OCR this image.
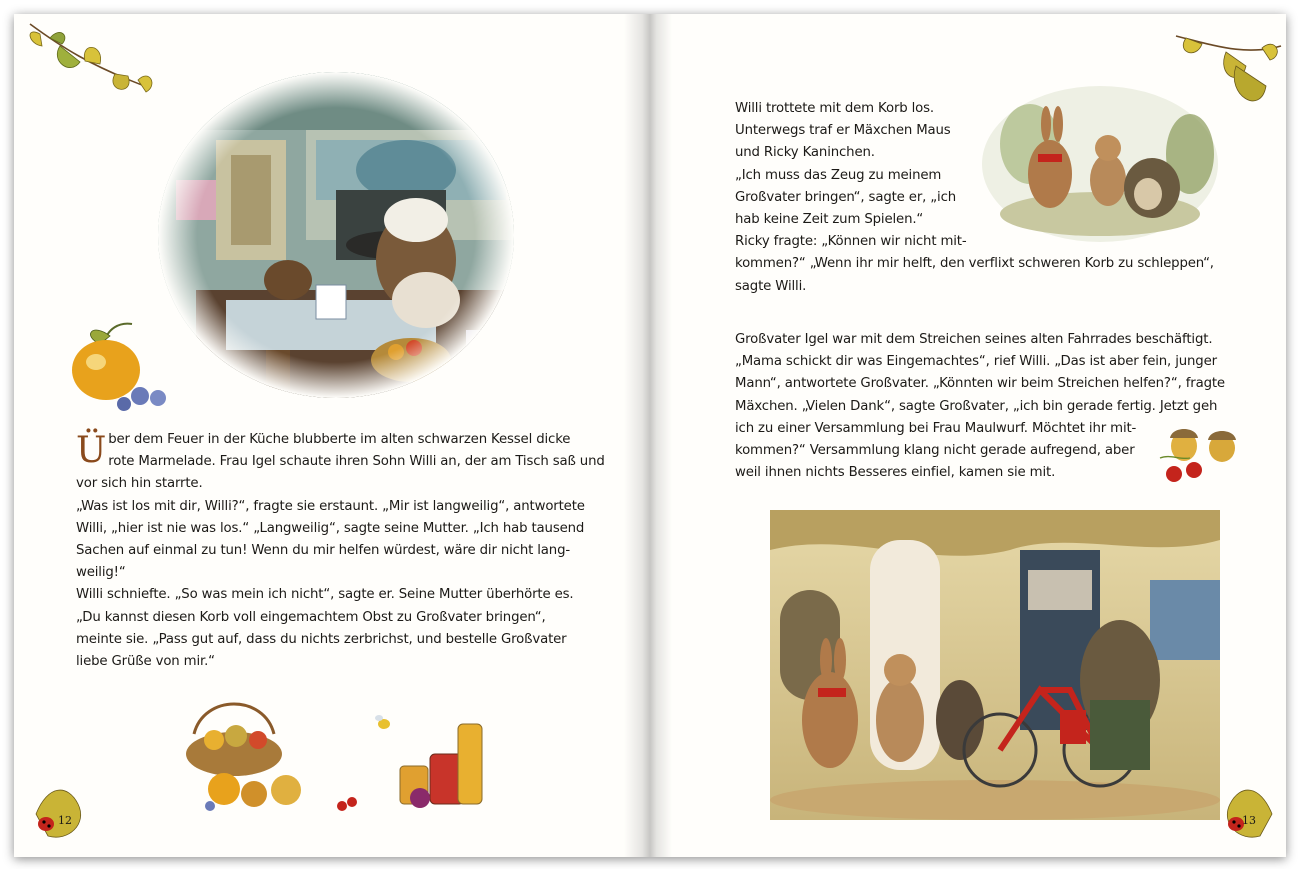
Über dem Feuer in der Küche blubberte im alten schwarzen Kessel dicke

rote Marmelade. Frau Igel schaute ihren Sohn Willi an, der am Tisch saß und

vor sich hin starrte.

„Was ist los mit dir, Willi?“, fragte sie erstaunt. „Mir ist langweilig“, antwortete

Willi, „hier ist nie was los.“ „Langweilig“, sagte seine Mutter. „Ich hab tausend

Sachen auf einmal zu tun! Wenn du mir helfen würdest, wäre dir nicht lang-

weilig!“

Willi schniefte. „So was mein ich nicht“, sagte er. Seine Mutter überhörte es.

„Du kannst diesen Korb voll eingemachtem Obst zu Großvater bringen“,

meinte sie. „Pass gut auf, dass du nichts zerbrichst, und bestelle Großvater

liebe Grüße von mir.“

12

Willi trottete mit dem Korb los.

Unterwegs traf er Mäxchen Maus

und Ricky Kaninchen.

„Ich muss das Zeug zu meinem

Großvater bringen“, sagte er, „ich

hab keine Zeit zum Spielen.“

Ricky fragte: „Können wir nicht mit-

kommen?“ „Wenn ihr mir helft, den verflixt schweren Korb zu schleppen“,

sagte Willi.

Großvater Igel war mit dem Streichen seines alten Fahrrades beschäftigt.

„Mama schickt dir was Eingemachtes“, rief Willi. „Das ist aber fein, junger

Mann“, antwortete Großvater. „Könnten wir beim Streichen helfen?“, fragte

Mäxchen. „Vielen Dank“, sagte Großvater, „ich bin gerade fertig. Jetzt geh

ich zu einer Versammlung bei Frau Maulwurf. Möchtet ihr mit-

kommen?“ Versammlung klang nicht gerade aufregend, aber

weil ihnen nichts Besseres einfiel, kamen sie mit.

13
